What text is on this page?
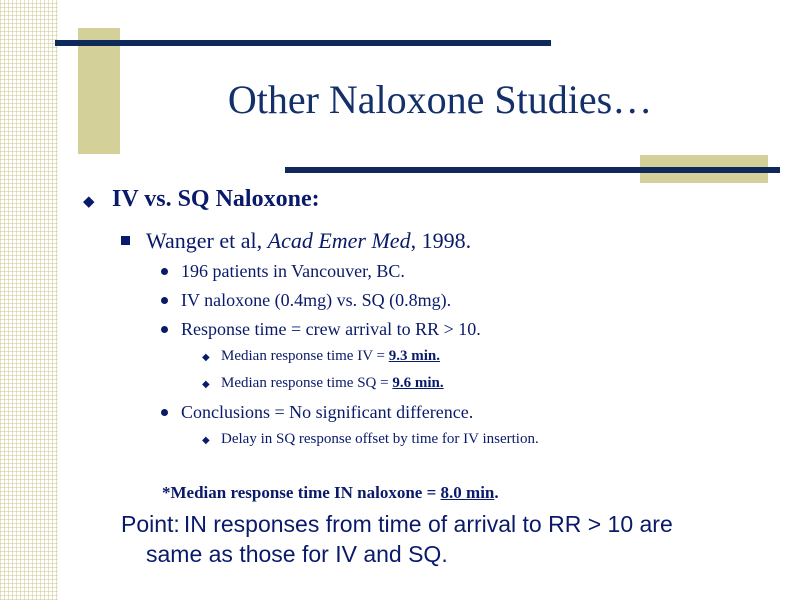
Other Naloxone Studies…
◆ IV vs. SQ Naloxone:
Wanger et al, Acad Emer Med, 1998.
196 patients in Vancouver, BC.
IV naloxone (0.4mg) vs. SQ (0.8mg).
Response time = crew arrival to RR > 10.
◆ Median response time IV = 9.3 min.
◆ Median response time SQ = 9.6 min.
Conclusions = No significant difference.
◆ Delay in SQ response offset by time for IV insertion.
*Median response time IN naloxone = 8.0 min.
Point: IN responses from time of arrival to RR > 10 are
same as those for IV and SQ.
